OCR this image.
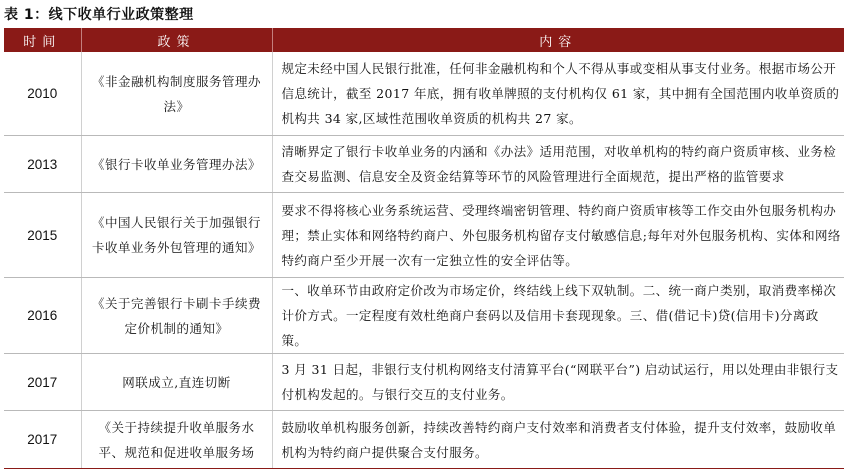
表 1：线下收单行业政策整理
时间	政策	内容
2010	《非金融机构制度服务管理办法》	规定未经中国人民银行批准，任何非金融机构和个人不得从事或变相从事支付业务。根据市场公开信息统计，截至 2017 年底，拥有收单牌照的支付机构仅 61 家，其中拥有全国范围内收单资质的机构共 34 家,区域性范围收单资质的机构共 27 家。
2013	《银行卡收单业务管理办法》	清晰界定了银行卡收单业务的内涵和《办法》适用范围，对收单机构的特约商户资质审核、业务检查交易监测、信息安全及资金结算等环节的风险管理进行全面规范，提出严格的监管要求
2015	《中国人民银行关于加强银行卡收单业务外包管理的通知》	要求不得将核心业务系统运营、受理终端密钥管理、特约商户资质审核等工作交由外包服务机构办理；禁止实体和网络特约商户、外包服务机构留存支付敏感信息;每年对外包服务机构、实体和网络特约商户至少开展一次有一定独立性的安全评估等。
2016	《关于完善银行卡刷卡手续费定价机制的通知》	一、收单环节由政府定价改为市场定价，终结线上线下双轨制。二、统一商户类别，取消费率梯次计价方式。一定程度有效杜绝商户套码以及信用卡套现现象。三、借(借记卡)贷(信用卡)分离政策。
2017	网联成立,直连切断	3 月 31 日起，非银行支付机构网络支付清算平台(“网联平台”) 启动试运行，用以处理由非银行支付机构发起的。与银行交互的支付业务。
2017	《关于持续提升收单服务水平、规范和促进收单服务场	鼓励收单机构服务创新，持续改善特约商户支付效率和消费者支付体验，提升支付效率，鼓励收单机构为特约商户提供聚合支付服务。
